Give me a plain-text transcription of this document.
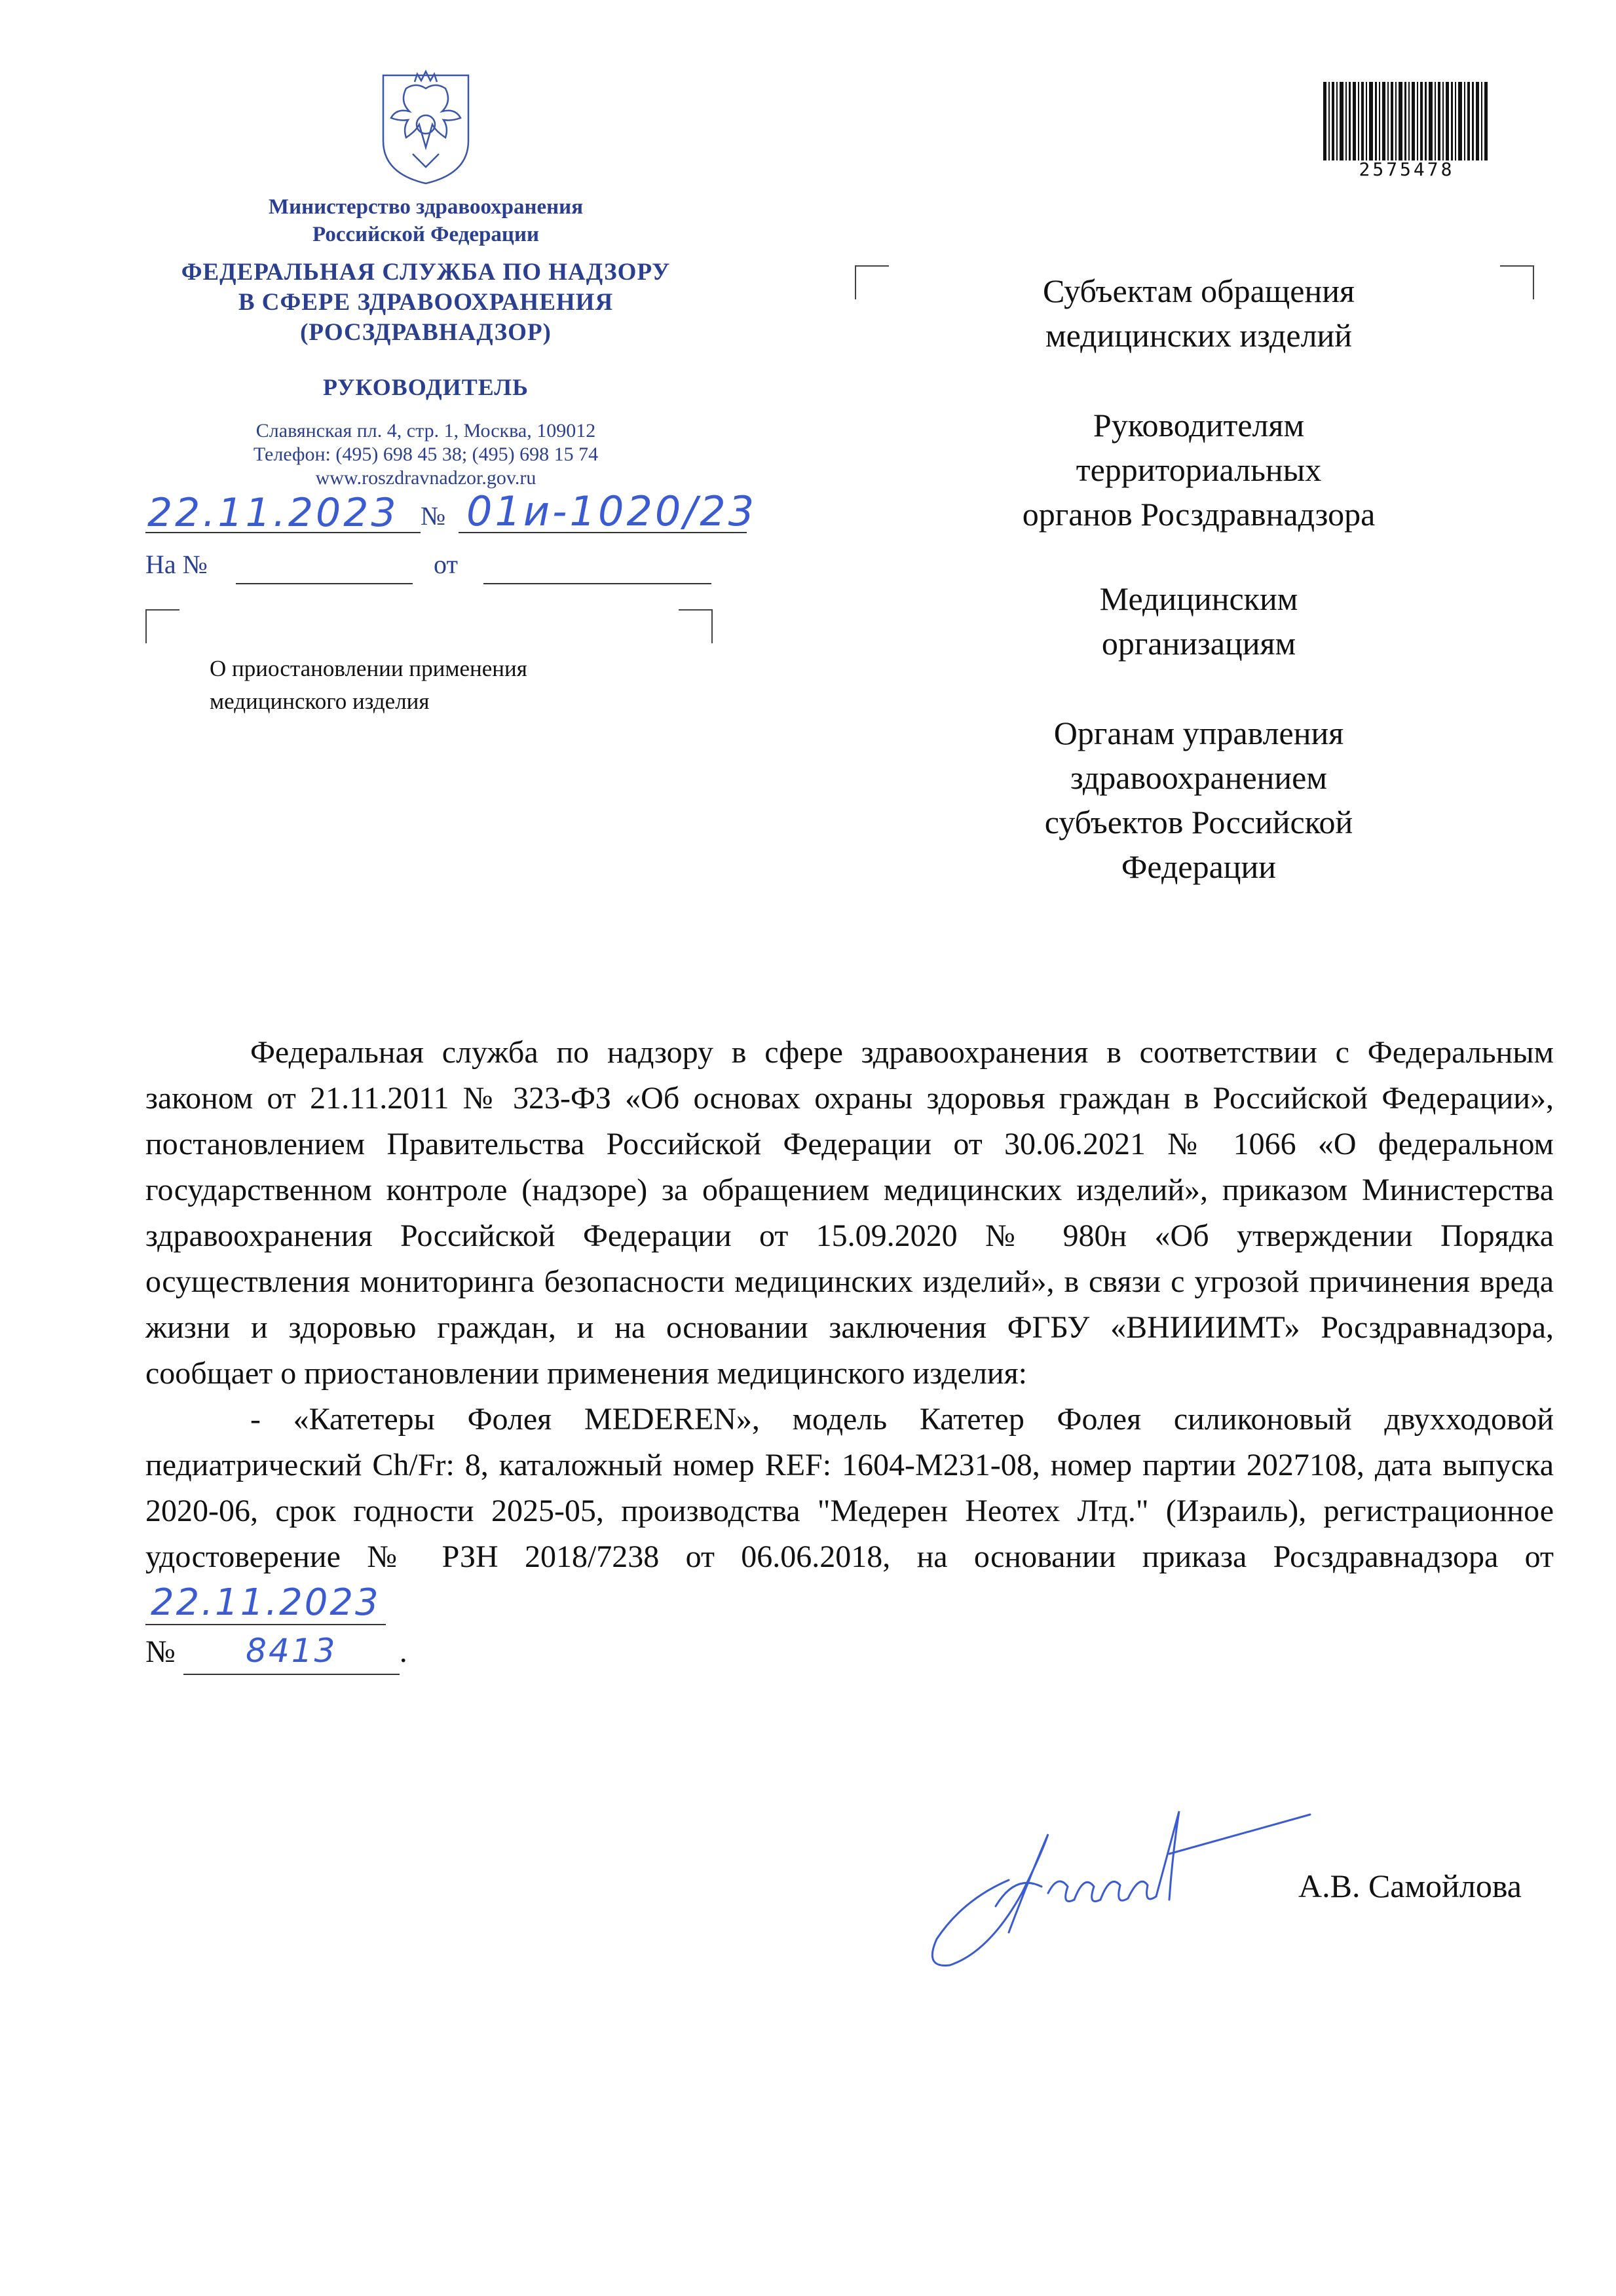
2575478
Министерство здравоохранения
Российской Федерации
ФЕДЕРАЛЬНАЯ СЛУЖБА ПО НАДЗОРУ
В СФЕРЕ ЗДРАВООХРАНЕНИЯ
(РОСЗДРАВНАДЗОР)
РУКОВОДИТЕЛЬ
Славянская пл. 4, стр. 1, Москва, 109012
Телефон: (495) 698 45 38; (495) 698 15 74
www.roszdravnadzor.gov.ru
22.11.2023 № 01и-1020/23
На №	от
О приостановлении применения
медицинского изделия
Субъектам обращения
медицинских изделий
Руководителям
территориальных
органов Росздравнадзора
Медицинским
организациям
Органам управления
здравоохранением
субъектов Российской
Федерации

Федеральная служба по надзору в сфере здравоохранения в соответствии с Федеральным законом от 21.11.2011 № 323-ФЗ «Об основах охраны здоровья граждан в Российской Федерации», постановлением Правительства Российской Федерации от 30.06.2021 № 1066 «О федеральном государственном контроле (надзоре) за обращением медицинских изделий», приказом Министерства здравоохранения Российской Федерации от 15.09.2020 № 980н «Об утверждении Порядка осуществления мониторинга безопасности медицинских изделий», в связи с угрозой причинения вреда жизни и здоровью граждан, и на основании заключения ФГБУ «ВНИИИМТ» Росздравнадзора, сообщает о приостановлении применения медицинского изделия:

- «Катетеры Фолея MEDEREN», модель Катетер Фолея силиконовый двухходовой педиатрический Ch/Fr: 8, каталожный номер REF: 1604-M231-08, номер партии 2027108, дата выпуска 2020-06, срок годности 2025-05, производства "Медерен Неотех Лтд." (Израиль), регистрационное удостоверение № РЗН 2018/7238 от 06.06.2018, на основании приказа Росздравнадзора от 22.11.2023

№ 8413 .

А.В. Самойлова
